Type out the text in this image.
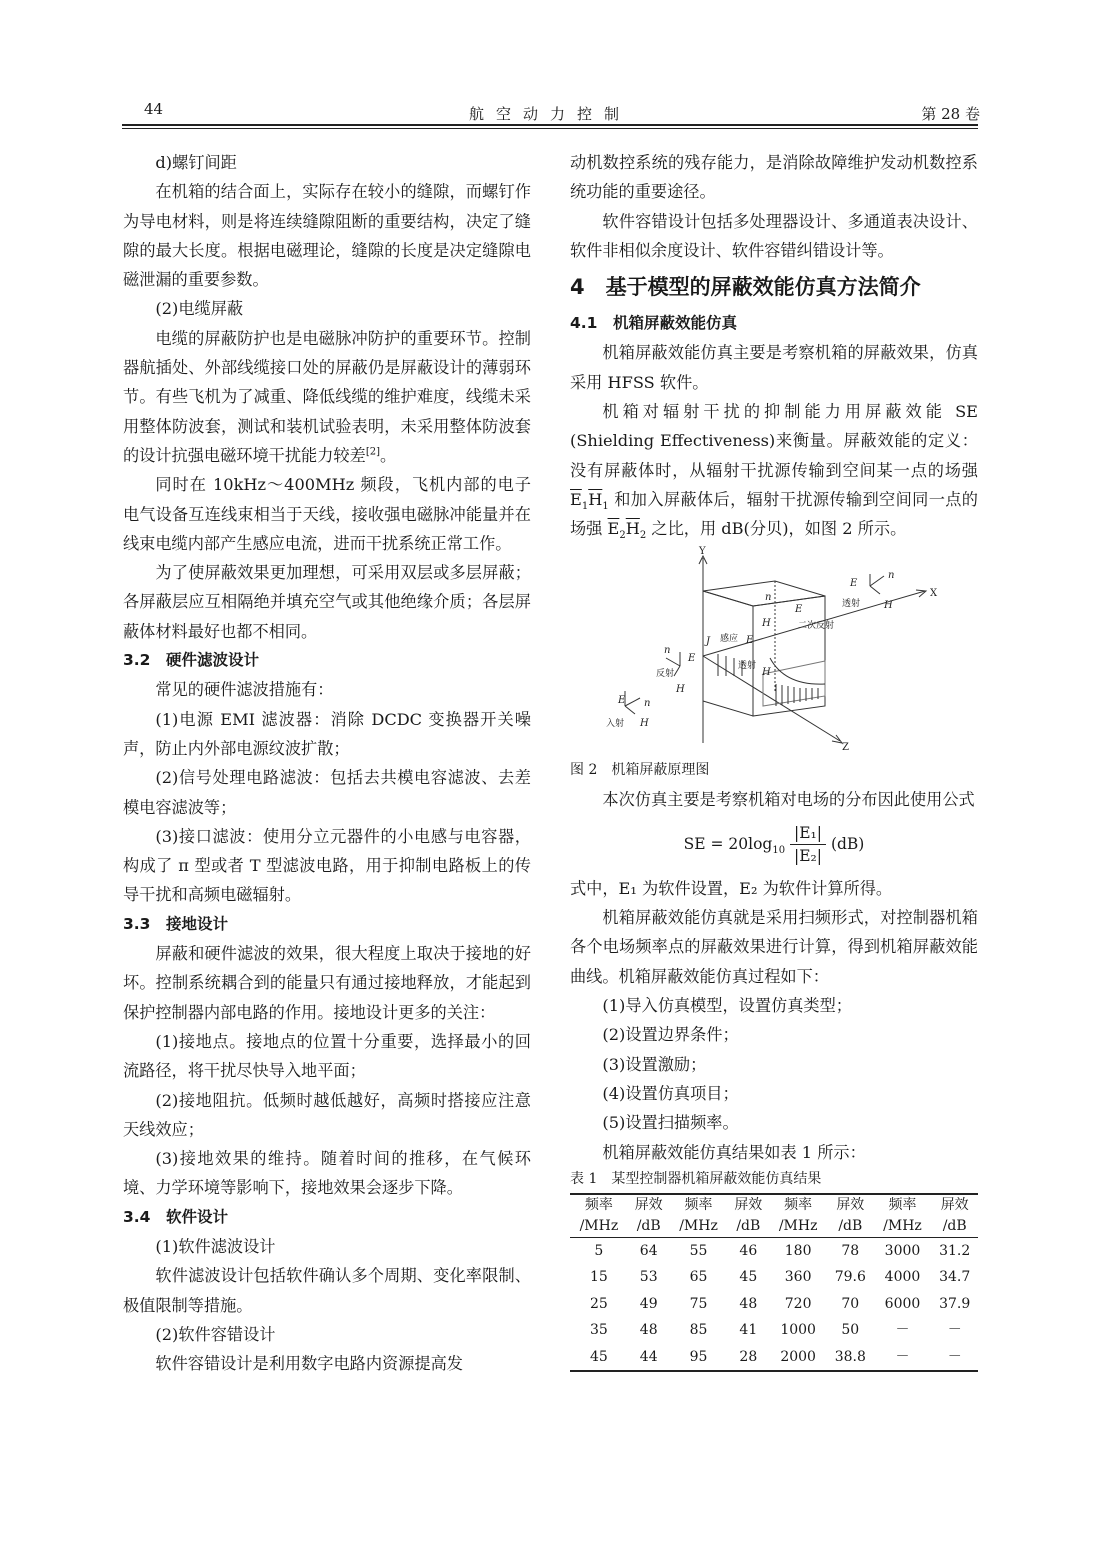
44	航空动力控制	第 28 卷

d)螺钉间距

在机箱的结合面上，实际存在较小的缝隙，而螺钉作为导电材料，则是将连续缝隙阻断的重要结构，决定了缝隙的最大长度。根据电磁理论，缝隙的长度是决定缝隙电磁泄漏的重要参数。

(2)电缆屏蔽

电缆的屏蔽防护也是电磁脉冲防护的重要环节。控制器航插处、外部线缆接口处的屏蔽仍是屏蔽设计的薄弱环节。有些飞机为了减重、降低线缆的维护难度，线缆未采用整体防波套，测试和装机试验表明，未采用整体防波套的设计抗强电磁环境干扰能力较差[2]。

同时在 10kHz～400MHz 频段，飞机内部的电子电气设备互连线束相当于天线，接收强电磁脉冲能量并在线束电缆内部产生感应电流，进而干扰系统正常工作。

为了使屏蔽效果更加理想，可采用双层或多层屏蔽；各屏蔽层应互相隔绝并填充空气或其他绝缘介质；各层屏蔽体材料最好也都不相同。

3.2　硬件滤波设计

常见的硬件滤波措施有：

(1)电源 EMI 滤波器：消除 DCDC 变换器开关噪声，防止内外部电源纹波扩散；

(2)信号处理电路滤波：包括去共模电容滤波、去差模电容滤波等；

(3)接口滤波：使用分立元器件的小电感与电容器，构成了 π 型或者 T 型滤波电路，用于抑制电路板上的传导干扰和高频电磁辐射。

3.3　接地设计

屏蔽和硬件滤波的效果，很大程度上取决于接地的好坏。控制系统耦合到的能量只有通过接地释放，才能起到保护控制器内部电路的作用。接地设计更多的关注：

(1)接地点。接地点的位置十分重要，选择最小的回流路径，将干扰尽快导入地平面；

(2)接地阻抗。低频时越低越好，高频时搭接应注意天线效应；

(3)接地效果的维持。随着时间的推移，在气候环境、力学环境等影响下，接地效果会逐步下降。

3.4　软件设计

(1)软件滤波设计

软件滤波设计包括软件确认多个周期、变化率限制、极值限制等措施。

(2)软件容错设计

软件容错设计是利用数字电路内资源提高发

动机数控系统的残存能力，是消除故障维护发动机数控系统功能的重要途径。

软件容错设计包括多处理器设计、多通道表决设计、软件非相似余度设计、软件容错纠错设计等。

4　基于模型的屏蔽效能仿真方法简介

4.1　机箱屏蔽效能仿真

机箱屏蔽效能仿真主要是考察机箱的屏蔽效果，仿真采用 HFSS 软件。

机箱对辐射干扰的抑制能力用屏蔽效能 SE (Shielding Effectiveness)来衡量。屏蔽效能的定义：没有屏蔽体时，从辐射干扰源传输到空间某一点的场强 $\overline{E}_1\overline{H}_1$ 和加入屏蔽体后，辐射干扰源传输到空间同一点的场强 $\overline{E}_2\overline{H}_2$ 之比，用 dB(分贝)，如图 2 所示。

Y
X
Z
反射
入射
感应
透射
透射
二次反射
E
H
n
E n
H
J	E
H
n
E
H
E
n
H

图 2　机箱屏蔽原理图

本次仿真主要是考察机箱对电场的分布因此使用公式

SE = $20\log_{10} \frac{\text{|E₁|}}{\text{|E₂|}} (dB)$

式中，E₁ 为软件设置，E₂ 为软件计算所得。

机箱屏蔽效能仿真就是采用扫频形式，对控制器机箱各个电场频率点的屏蔽效果进行计算，得到机箱屏蔽效能曲线。机箱屏蔽效能仿真过程如下：

(1)导入仿真模型，设置仿真类型；

(2)设置边界条件；

(3)设置激励；

(4)设置仿真项目；

(5)设置扫描频率。

机箱屏蔽效能仿真结果如表 1 所示：

表 1　某型控制器机箱屏蔽效能仿真结果

频率	屏效	频率	屏效	频率	屏效	频率	屏效
/MHz	/dB	/MHz	/dB	/MHz	/dB	/MHz	/dB
5	64	55	46	180	78	3000	31.2
15	53	65	45	360	79.6	4000	34.7
25	49	75	48	720	70	6000	37.9
35	48	85	41	1000	50	－	－
45	44	95	28	2000	38.8	－	－
